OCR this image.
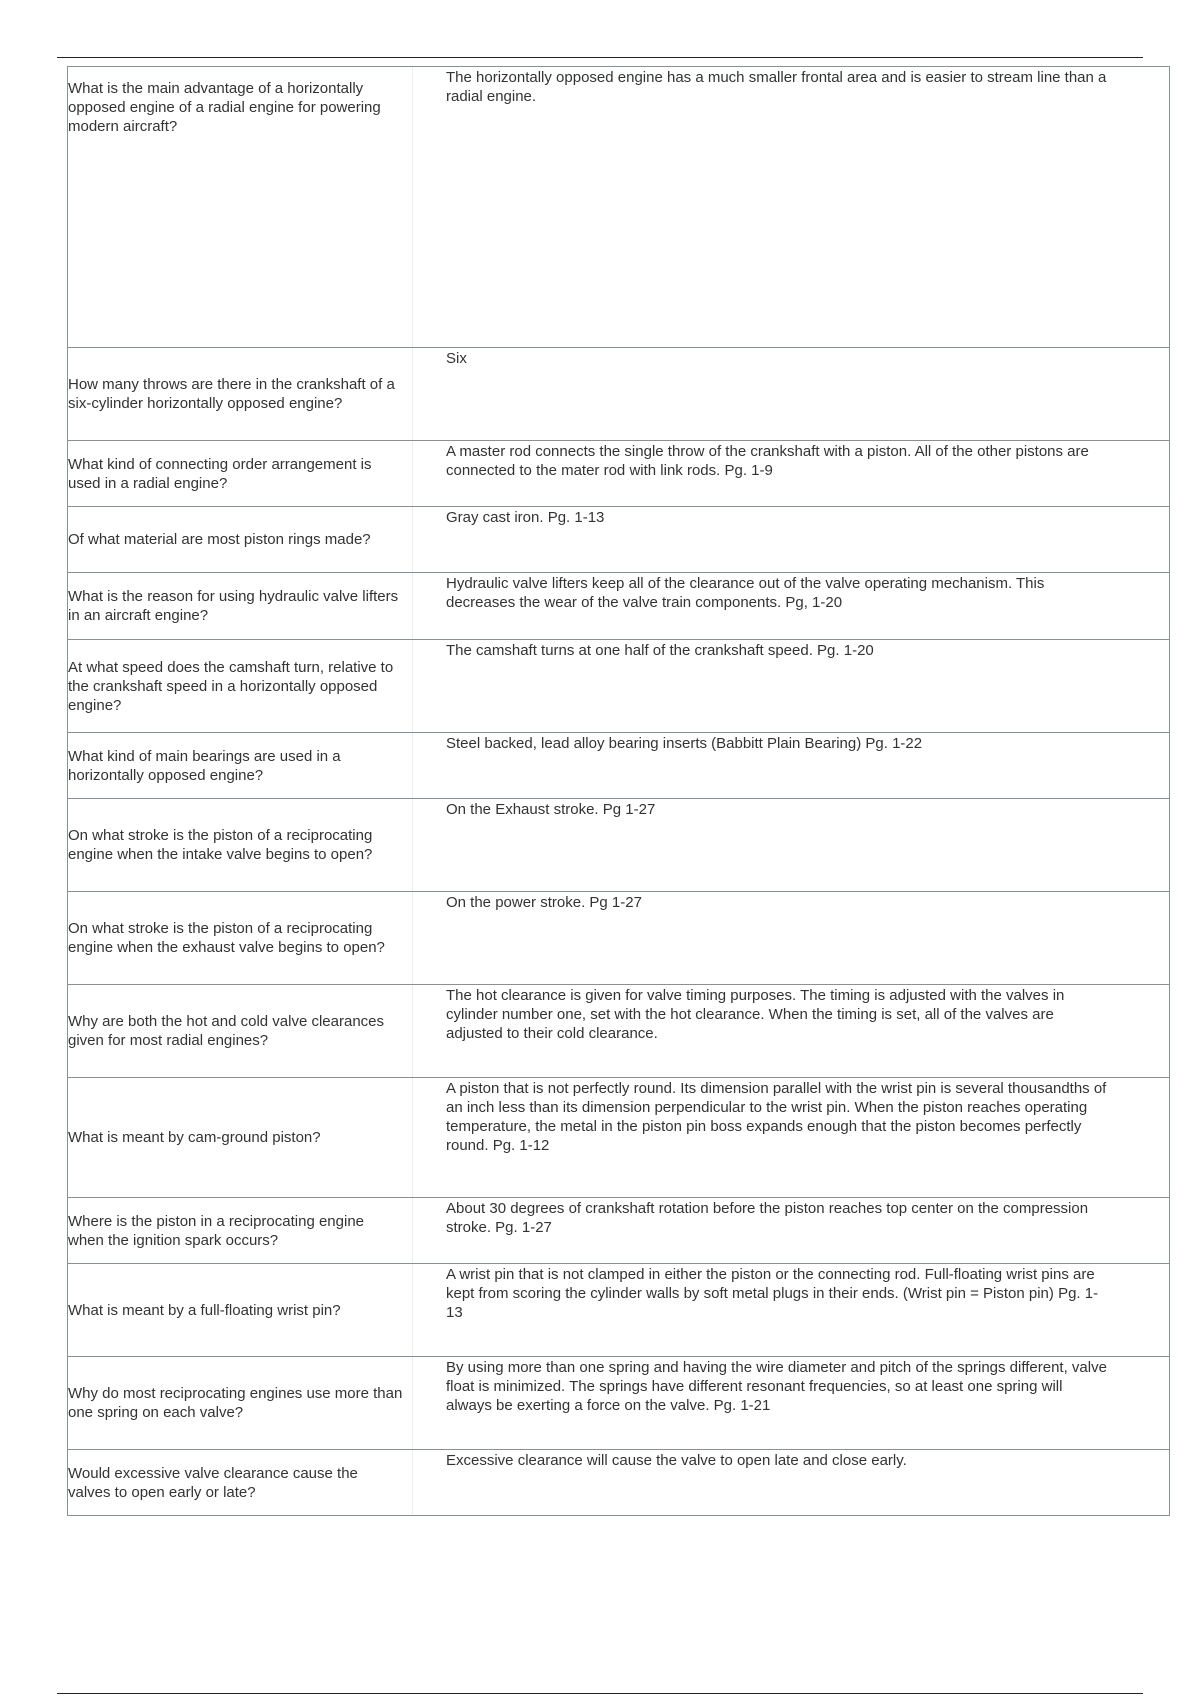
What is the main advantage of a horizontally opposed engine of a radial engine for powering modern aircraft?
The horizontally opposed engine has a much smaller frontal area and is easier to stream line than a radial engine.
How many throws are there in the crankshaft of a six-cylinder horizontally opposed engine?
Six
What kind of connecting order arrangement is used in a radial engine?
A master rod connects the single throw of the crankshaft with a piston. All of the other pistons are connected to the mater rod with link rods. Pg. 1-9
Of what material are most piston rings made?
Gray cast iron. Pg. 1-13
What is the reason for using hydraulic valve lifters in an aircraft engine?
Hydraulic valve lifters keep all of the clearance out of the valve operating mechanism. This decreases the wear of the valve train components. Pg, 1-20
At what speed does the camshaft turn, relative to the crankshaft speed in a horizontally opposed engine?
The camshaft turns at one half of the crankshaft speed. Pg. 1-20
What kind of main bearings are used in a horizontally opposed engine?
Steel backed, lead alloy bearing inserts (Babbitt Plain Bearing) Pg. 1-22
On what stroke is the piston of a reciprocating engine when the intake valve begins to open?
On the Exhaust stroke. Pg 1-27
On what stroke is the piston of a reciprocating engine when the exhaust valve begins to open?
On the power stroke. Pg 1-27
Why are both the hot and cold valve clearances given for most radial engines?
The hot clearance is given for valve timing purposes. The timing is adjusted with the valves in cylinder number one, set with the hot clearance. When the timing is set, all of the valves are adjusted to their cold clearance.
What is meant by cam-ground piston?
A piston that is not perfectly round. Its dimension parallel with the wrist pin is several thousandths of an inch less than its dimension perpendicular to the wrist pin. When the piston reaches operating temperature, the metal in the piston pin boss expands enough that the piston becomes perfectly round. Pg. 1-12
Where is the piston in a reciprocating engine when the ignition spark occurs?
About 30 degrees of crankshaft rotation before the piston reaches top center on the compression stroke. Pg. 1-27
What is meant by a full-floating wrist pin?
A wrist pin that is not clamped in either the piston or the connecting rod. Full-floating wrist pins are kept from scoring the cylinder walls by soft metal plugs in their ends. (Wrist pin = Piston pin) Pg. 1-13
Why do most reciprocating engines use more than one spring on each valve?
By using more than one spring and having the wire diameter and pitch of the springs different, valve float is minimized. The springs have different resonant frequencies, so at least one spring will always be exerting a force on the valve. Pg. 1-21
Would excessive valve clearance cause the valves to open early or late?
Excessive clearance will cause the valve to open late and close early.
